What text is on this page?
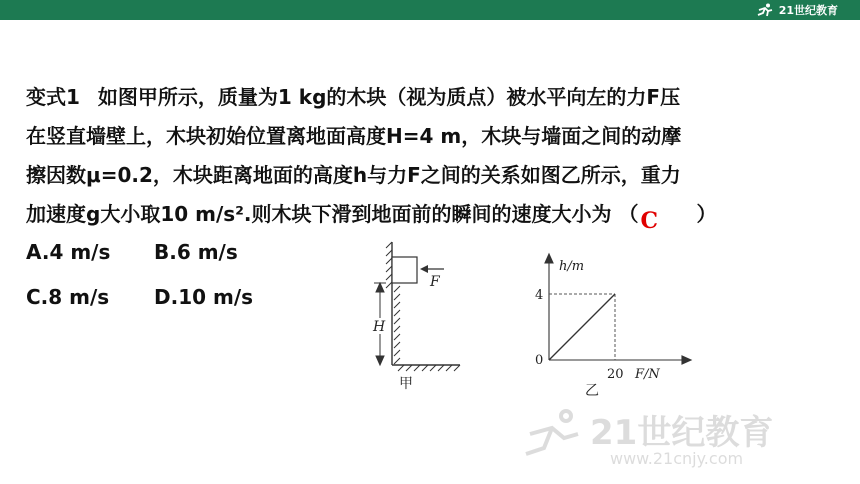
21世纪教育
变式1 如图甲所示，质量为1 kg的木块（视为质点）被水平向左的力F压
在竖直墙壁上，木块初始位置离地面高度H=4 m，木块与墙面之间的动摩
擦因数μ=0.2，木块距离地面的高度h与力F之间的关系如图乙所示，重力
加速度g大小取10 m/s².则木块下滑到地面前的瞬间的速度大小为 （ C ）
A.4 m/s	B.6 m/s
C.8 m/s	D.10 m/s
F
H
甲
h/m
F/N
20
4
0
乙
21世纪教育
www.21cnjy.com
